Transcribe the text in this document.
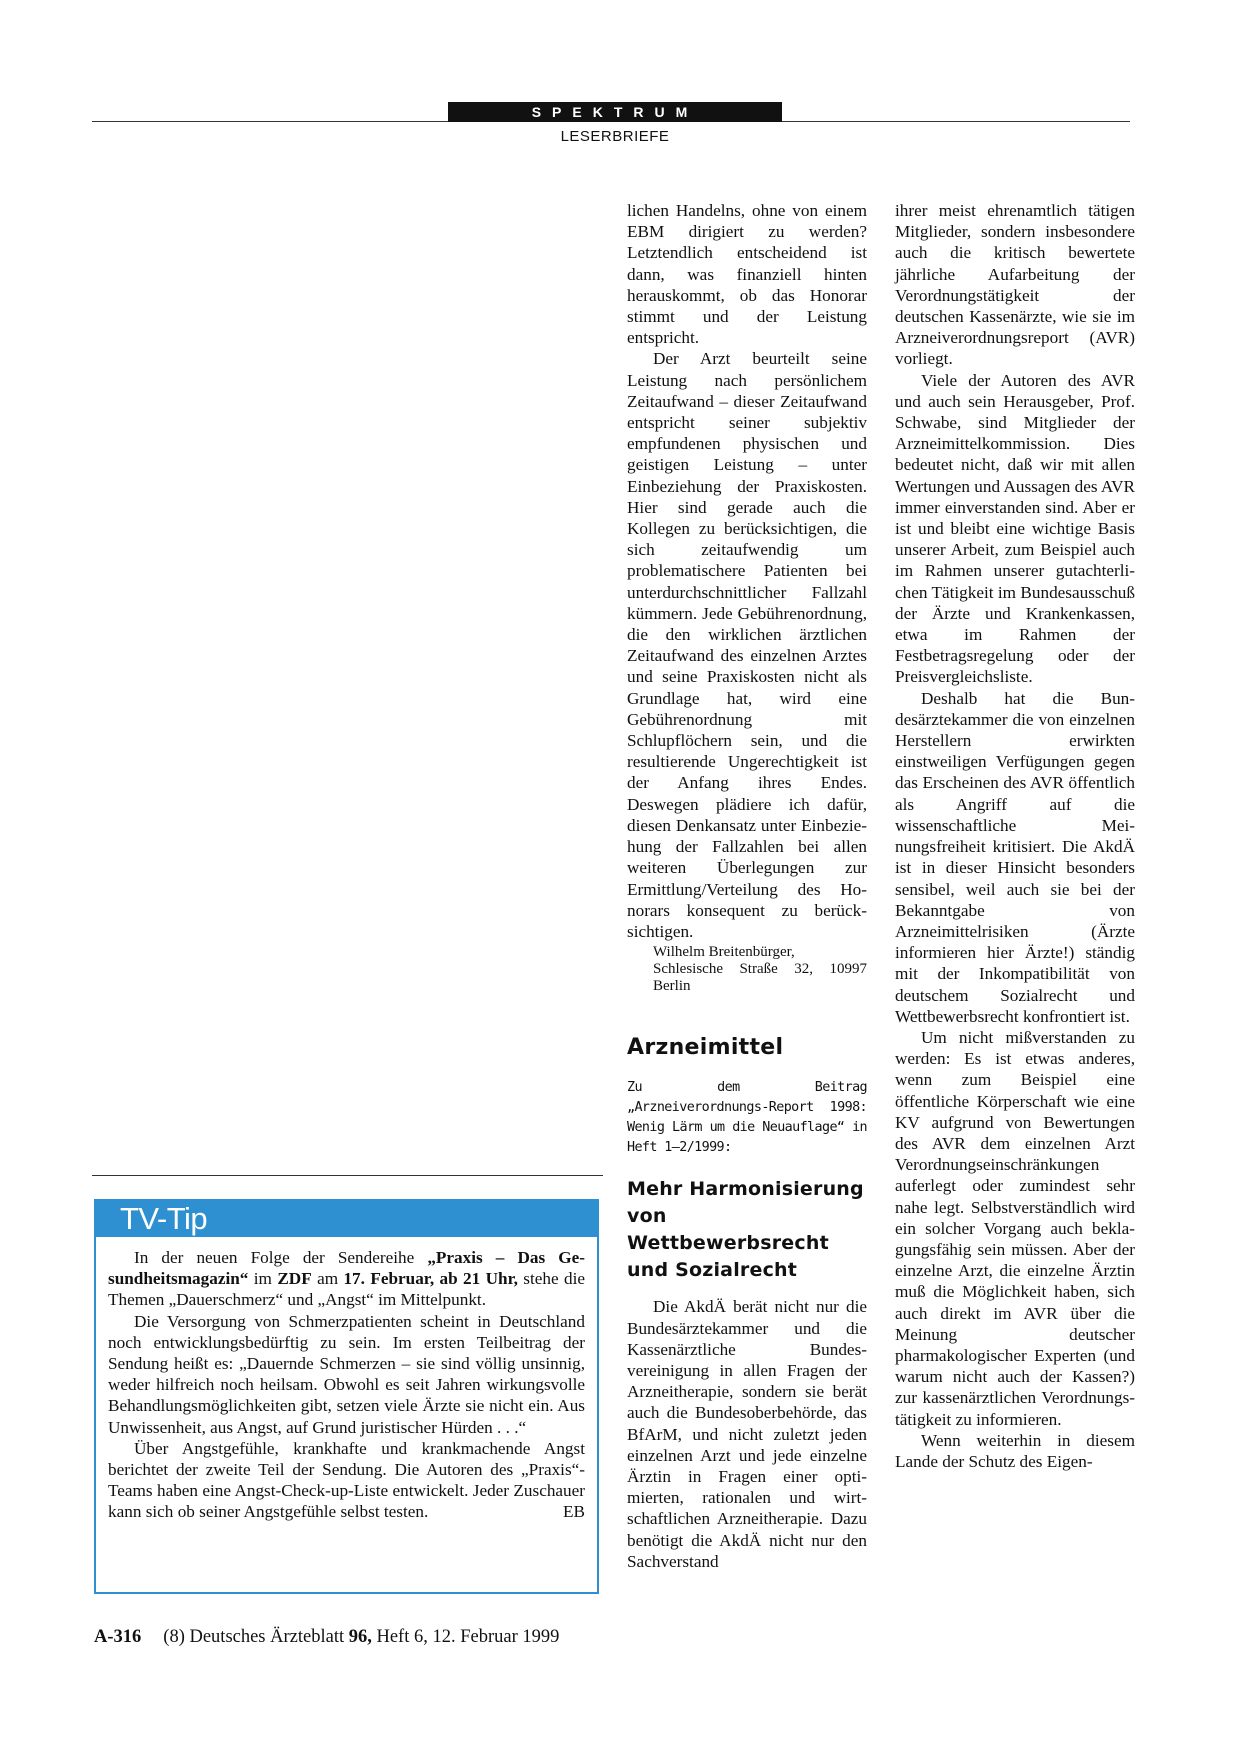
SPEKTRUM
LESERBRIEFE

lichen Handelns, ohne von einem EBM dirigiert zu werden? Letztendlich entscheidend ist dann, was finanziell hinten herauskommt, ob das Honorar stimmt und der Leistung entspricht.

Der Arzt beurteilt seine Leistung nach persönlichem Zeitaufwand – dieser Zeitaufwand entspricht seiner subjektiv empfundenen physischen und geistigen Leistung – unter Einbeziehung der Praxiskosten. Hier sind gerade auch die Kollegen zu berücksichtigen, die sich zeitaufwendig um problematischere Patienten bei unterdurchschnittlicher Fallzahl kümmern. Jede Gebührenordnung, die den wirklichen ärztlichen Zeitaufwand des einzelnen Arztes und seine Praxiskosten nicht als Grundlage hat, wird eine Gebührenordnung mit Schlupflöchern sein, und die resultierende Ungerechtigkeit ist der Anfang ihres Endes. Deswegen plädiere ich dafür, diesen Denkansatz unter Einbeziehung der Fallzahlen bei allen weiteren Überlegungen zur Ermittlung/Verteilung des Honorars konsequent zu berücksichtigen.

Wilhelm Breitenbürger,
Schlesische Straße 32, 10997 Berlin

Arzneimittel

Zu dem Beitrag „Arzneiverordnungs-Report 1998: Wenig Lärm um die Neuauflage“ in Heft 1–2/1999:

Mehr Harmonisierung von Wettbewerbsrecht und Sozialrecht

Die AkdÄ berät nicht nur die Bundesärztekammer und die Kassenärztliche Bundesvereinigung in allen Fragen der Arzneitherapie, sondern sie berät auch die Bundesoberbehörde, das BfArM, und nicht zuletzt jeden einzelnen Arzt und jede einzelne Ärztin in Fragen einer optimierten, rationalen und wirtschaftlichen Arzneitherapie. Dazu benötigt die AkdÄ nicht nur den Sachverstand

ihrer meist ehrenamtlich tätigen Mitglieder, sondern insbesondere auch die kritisch bewertete jährliche Aufarbeitung der Verordnungstätigkeit der deutschen Kassenärzte, wie sie im Arzneiverordnungsreport (AVR) vorliegt.

Viele der Autoren des AVR und auch sein Herausgeber, Prof. Schwabe, sind Mitglieder der Arzneimittelkommission. Dies bedeutet nicht, daß wir mit allen Wertungen und Aussagen des AVR immer einverstanden sind. Aber er ist und bleibt eine wichtige Basis unserer Arbeit, zum Beispiel auch im Rahmen unserer gutachterlichen Tätigkeit im Bundesausschuß der Ärzte und Krankenkassen, etwa im Rahmen der Festbetragsregelung oder der Preisvergleichsliste.

Deshalb hat die Bundesärztekammer die von einzelnen Herstellern erwirkten einstweiligen Verfügungen gegen das Erscheinen des AVR öffentlich als Angriff auf die wissenschaftliche Meinungsfreiheit kritisiert. Die AkdÄ ist in dieser Hinsicht besonders sensibel, weil auch sie bei der Bekanntgabe von Arzneimittelrisiken (Ärzte informieren hier Ärzte!) ständig mit der Inkompatibilität von deutschem Sozialrecht und Wettbewerbsrecht konfrontiert ist.

Um nicht mißverstanden zu werden: Es ist etwas anderes, wenn zum Beispiel eine öffentliche Körperschaft wie eine KV aufgrund von Bewertungen des AVR dem einzelnen Arzt Verordnungseinschränkungen auferlegt oder zumindest sehr nahe legt. Selbstverständlich wird ein solcher Vorgang auch beklagungsfähig sein müssen. Aber der einzelne Arzt, die einzelne Ärztin muß die Möglichkeit haben, sich auch direkt im AVR über die Meinung deutscher pharmakologischer Experten (und warum nicht auch der Kassen?) zur kassenärztlichen Verordnungstätigkeit zu informieren.

Wenn weiterhin in diesem Lande der Schutz des Eigen-

TV-Tip

In der neuen Folge der Sendereihe „Praxis – Das Gesundheitsmagazin“ im ZDF am 17. Februar, ab 21 Uhr, stehe die Themen „Dauerschmerz“ und „Angst“ im Mittelpunkt.

Die Versorgung von Schmerzpatienten scheint in Deutschland noch entwicklungsbedürftig zu sein. Im ersten Teilbeitrag der Sendung heißt es: „Dauernde Schmerzen – sie sind völlig unsinnig, weder hilfreich noch heilsam. Obwohl es seit Jahren wirkungsvolle Behandlungsmöglichkeiten gibt, setzen viele Ärzte sie nicht ein. Aus Unwissenheit, aus Angst, auf Grund juristischer Hürden . . .“

Über Angstgefühle, krankhafte und krankmachende Angst berichtet der zweite Teil der Sendung. Die Autoren des „Praxis“-Teams haben eine Angst-Check-up-Liste entwickelt. Jeder Zuschauer kann sich ob seiner Angstgefühle selbst testen.	EB

A-316 (8) Deutsches Ärzteblatt 96, Heft 6, 12. Februar 1999
